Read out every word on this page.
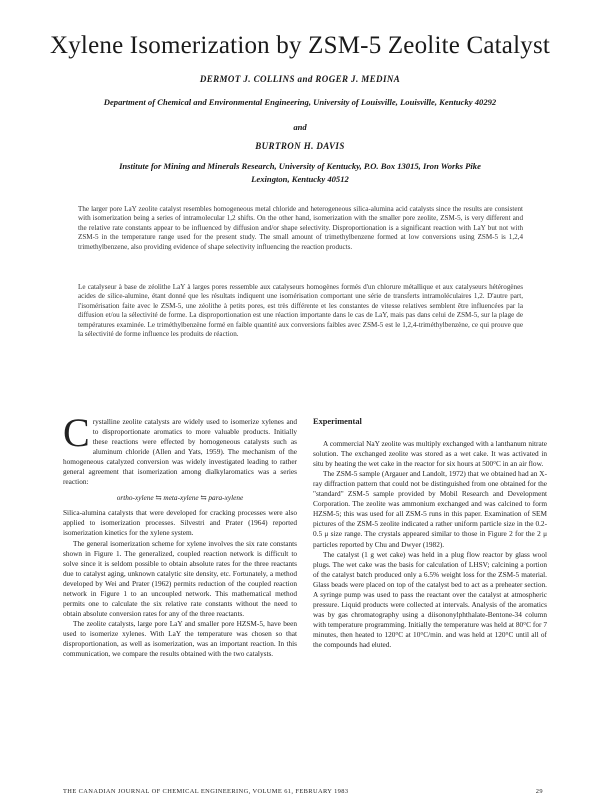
Xylene Isomerization by ZSM-5 Zeolite Catalyst
DERMOT J. COLLINS and ROGER J. MEDINA
Department of Chemical and Environmental Engineering, University of Louisville, Louisville, Kentucky 40292
and
BURTRON H. DAVIS
Institute for Mining and Minerals Research, University of Kentucky, P.O. Box 13015, Iron Works Pike
Lexington, Kentucky 40512

The larger pore LaY zeolite catalyst resembles homogeneous metal chloride and heterogeneous silica-alumina acid catalysts since the results are consistent with isomerization being a series of intramolecular 1,2 shifts. On the other hand, isomerization with the smaller pore zeolite, ZSM-5, is very different and the relative rate constants appear to be influenced by diffusion and/or shape selectivity. Disproportionation is a significant reaction with LaY but not with ZSM-5 in the temperature range used for the present study. The small amount of trimethylbenzene formed at low conversions using ZSM-5 is 1,2,4 trimethylbenzene, also providing evidence of shape selectivity influencing the reaction products.

Le catalyseur à base de zéolithe LaY à larges pores ressemble aux catalyseurs homogènes formés d'un chlorure métallique et aux catalyseurs hétérogènes acides de silice-alumine, étant donné que les résultats indiquent une isomérisation comportant une série de transferts intramoléculaires 1,2. D'autre part, l'isomérisation faite avec le ZSM-5, une zéolithe à petits pores, est très différente et les constantes de vitesse relatives semblent être influencées par la diffusion et/ou la sélectivité de forme. La disproportionation est une réaction importante dans le cas de LaY, mais pas dans celui de ZSM-5, sur la plage de températures examinée. Le triméthylbenzène formé en faible quantité aux conversions faibles avec ZSM-5 est le 1,2,4-triméthylbenzène, ce qui prouve que la sélectivité de forme influence les produits de réaction.

Crystalline zeolite catalysts are widely used to isomerize xylenes and to disproportionate aromatics to more valuable products. Initially these reactions were effected by homogeneous catalysts such as aluminum chloride (Allen and Yats, 1959). The mechanism of the homogeneous catalyzed conversion was widely investigated leading to rather general agreement that isomerization among dialkylaromatics was a series reaction:

ortho-xylene ⇆ meta-xylene ⇆ para-xylene

Silica-alumina catalysts that were developed for cracking processes were also applied to isomerization processes. Silvestri and Prater (1964) reported isomerization kinetics for the xylene system.

The general isomerization scheme for xylene involves the six rate constants shown in Figure 1. The generalized, coupled reaction network is difficult to solve since it is seldom possible to obtain absolute rates for the three reactants due to catalyst aging, unknown catalytic site density, etc. Fortunately, a method developed by Wei and Prater (1962) permits reduction of the coupled reaction network in Figure 1 to an uncoupled network. This mathematical method permits one to calculate the six relative rate constants without the need to obtain absolute conversion rates for any of the three reactants.

The zeolite catalysts, large pore LaY and smaller pore HZSM-5, have been used to isomerize xylenes. With LaY the temperature was chosen so that disproportionation, as well as isomerization, was an important reaction. In this communication, we compare the results obtained with the two catalysts.

Experimental

A commercial NaY zeolite was multiply exchanged with a lanthanum nitrate solution. The exchanged zeolite was stored as a wet cake. It was activated in situ by heating the wet cake in the reactor for six hours at 500°C in an air flow.

The ZSM-5 sample (Argauer and Landolt, 1972) that we obtained had an X-ray diffraction pattern that could not be distinguished from one obtained for the "standard" ZSM-5 sample provided by Mobil Research and Development Corporation. The zeolite was ammonium exchanged and was calcined to form HZSM-5; this was used for all ZSM-5 runs in this paper. Examination of SEM pictures of the ZSM-5 zeolite indicated a rather uniform particle size in the 0.2-0.5 μ size range. The crystals appeared similar to those in Figure 2 for the 2 μ particles reported by Chu and Dwyer (1982).

The catalyst (1 g wet cake) was held in a plug flow reactor by glass wool plugs. The wet cake was the basis for calculation of LHSV; calcining a portion of the catalyst batch produced only a 6.5% weight loss for the ZSM-5 material. Glass beads were placed on top of the catalyst bed to act as a preheater section. A syringe pump was used to pass the reactant over the catalyst at atmospheric pressure. Liquid products were collected at intervals. Analysis of the aromatics was by gas chromatography using a diisononylphthalate-Bentone-34 column with temperature programming. Initially the temperature was held at 80°C for 7 minutes, then heated to 120°C at 10°C/min. and was held at 120°C until all of the compounds had eluted.

THE CANADIAN JOURNAL OF CHEMICAL ENGINEERING, VOLUME 61, FEBRUARY 1983	29
